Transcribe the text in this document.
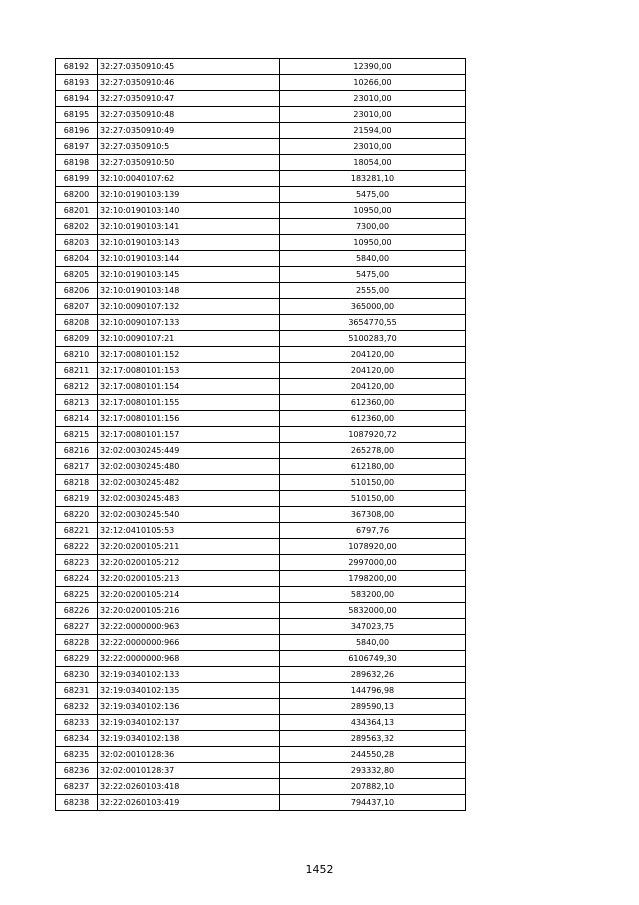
68192	32:27:0350910:45	12390,00
68193	32:27:0350910:46	10266,00
68194	32:27:0350910:47	23010,00
68195	32:27:0350910:48	23010,00
68196	32:27:0350910:49	21594,00
68197	32:27:0350910:5	23010,00
68198	32:27:0350910:50	18054,00
68199	32:10:0040107:62	183281,10
68200	32:10:0190103:139	5475,00
68201	32:10:0190103:140	10950,00
68202	32:10:0190103:141	7300,00
68203	32:10:0190103:143	10950,00
68204	32:10:0190103:144	5840,00
68205	32:10:0190103:145	5475,00
68206	32:10:0190103:148	2555,00
68207	32:10:0090107:132	365000,00
68208	32:10:0090107:133	3654770,55
68209	32:10:0090107:21	5100283,70
68210	32:17:0080101:152	204120,00
68211	32:17:0080101:153	204120,00
68212	32:17:0080101:154	204120,00
68213	32:17:0080101:155	612360,00
68214	32:17:0080101:156	612360,00
68215	32:17:0080101:157	1087920,72
68216	32:02:0030245:449	265278,00
68217	32:02:0030245:480	612180,00
68218	32:02:0030245:482	510150,00
68219	32:02:0030245:483	510150,00
68220	32:02:0030245:540	367308,00
68221	32:12:0410105:53	6797,76
68222	32:20:0200105:211	1078920,00
68223	32:20:0200105:212	2997000,00
68224	32:20:0200105:213	1798200,00
68225	32:20:0200105:214	583200,00
68226	32:20:0200105:216	5832000,00
68227	32:22:0000000:963	347023,75
68228	32:22:0000000:966	5840,00
68229	32:22:0000000:968	6106749,30
68230	32:19:0340102:133	289632,26
68231	32:19:0340102:135	144796,98
68232	32:19:0340102:136	289590,13
68233	32:19:0340102:137	434364,13
68234	32:19:0340102:138	289563,32
68235	32:02:0010128:36	244550,28
68236	32:02:0010128:37	293332,80
68237	32:22:0260103:418	207882,10
68238	32:22:0260103:419	794437,10
1452
